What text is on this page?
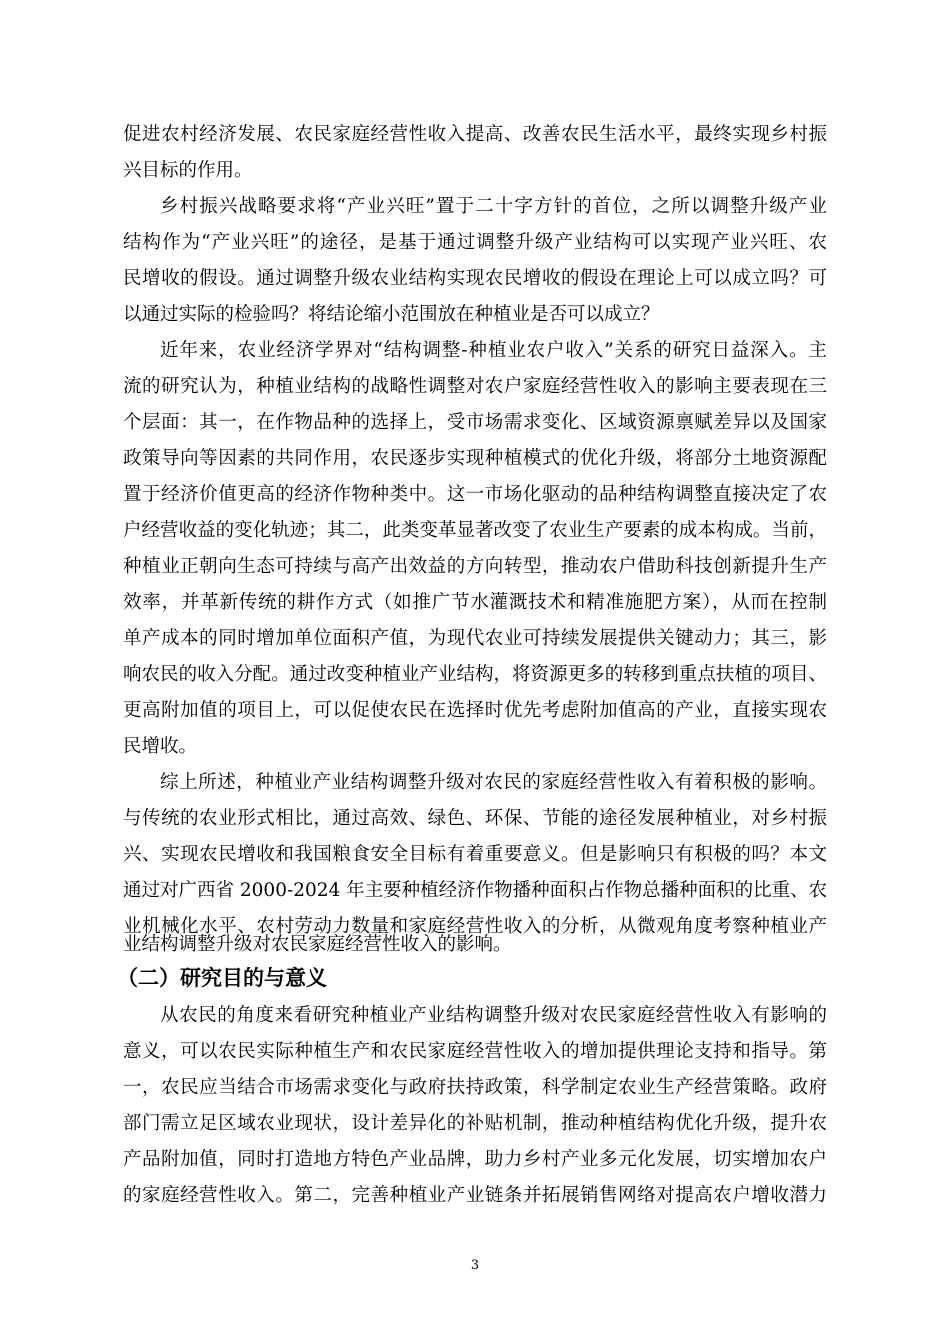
促进农村经济发展、农民家庭经营性收入提高、改善农民生活水平，最终实现乡村振
兴目标的作用。
乡村振兴战略要求将“产业兴旺”置于二十字方针的首位，之所以调整升级产业
结构作为“产业兴旺”的途径，是基于通过调整升级产业结构可以实现产业兴旺、农
民增收的假设。通过调整升级农业结构实现农民增收的假设在理论上可以成立吗？可
以通过实际的检验吗？将结论缩小范围放在种植业是否可以成立？
近年来，农业经济学界对“结构调整-种植业农户收入”关系的研究日益深入。主
流的研究认为，种植业结构的战略性调整对农户家庭经营性收入的影响主要表现在三
个层面：其一，在作物品种的选择上，受市场需求变化、区域资源禀赋差异以及国家
政策导向等因素的共同作用，农民逐步实现种植模式的优化升级，将部分土地资源配
置于经济价值更高的经济作物种类中。这一市场化驱动的品种结构调整直接决定了农
户经营收益的变化轨迹；其二，此类变革显著改变了农业生产要素的成本构成。当前，
种植业正朝向生态可持续与高产出效益的方向转型，推动农户借助科技创新提升生产
效率，并革新传统的耕作方式（如推广节水灌溉技术和精准施肥方案），从而在控制
单产成本的同时增加单位面积产值，为现代农业可持续发展提供关键动力；其三，影
响农民的收入分配。通过改变种植业产业结构，将资源更多的转移到重点扶植的项目、
更高附加值的项目上，可以促使农民在选择时优先考虑附加值高的产业，直接实现农
民增收。
综上所述，种植业产业结构调整升级对农民的家庭经营性收入有着积极的影响。
与传统的农业形式相比，通过高效、绿色、环保、节能的途径发展种植业，对乡村振
兴、实现农民增收和我国粮食安全目标有着重要意义。但是影响只有积极的吗？本文
通过对广西省 2000-2024 年主要种植经济作物播种面积占作物总播种面积的比重、农
业机械化水平、农村劳动力数量和家庭经营性收入的分析，从微观角度考察种植业产
业结构调整升级对农民家庭经营性收入的影响。
（二）研究目的与意义
从农民的角度来看研究种植业产业结构调整升级对农民家庭经营性收入有影响的
意义，可以农民实际种植生产和农民家庭经营性收入的增加提供理论支持和指导。第
一，农民应当结合市场需求变化与政府扶持政策，科学制定农业生产经营策略。政府
部门需立足区域农业现状，设计差异化的补贴机制，推动种植结构优化升级，提升农
产品附加值，同时打造地方特色产业品牌，助力乡村产业多元化发展，切实增加农户
的家庭经营性收入。第二，完善种植业产业链条并拓展销售网络对提高农户增收潜力
3
